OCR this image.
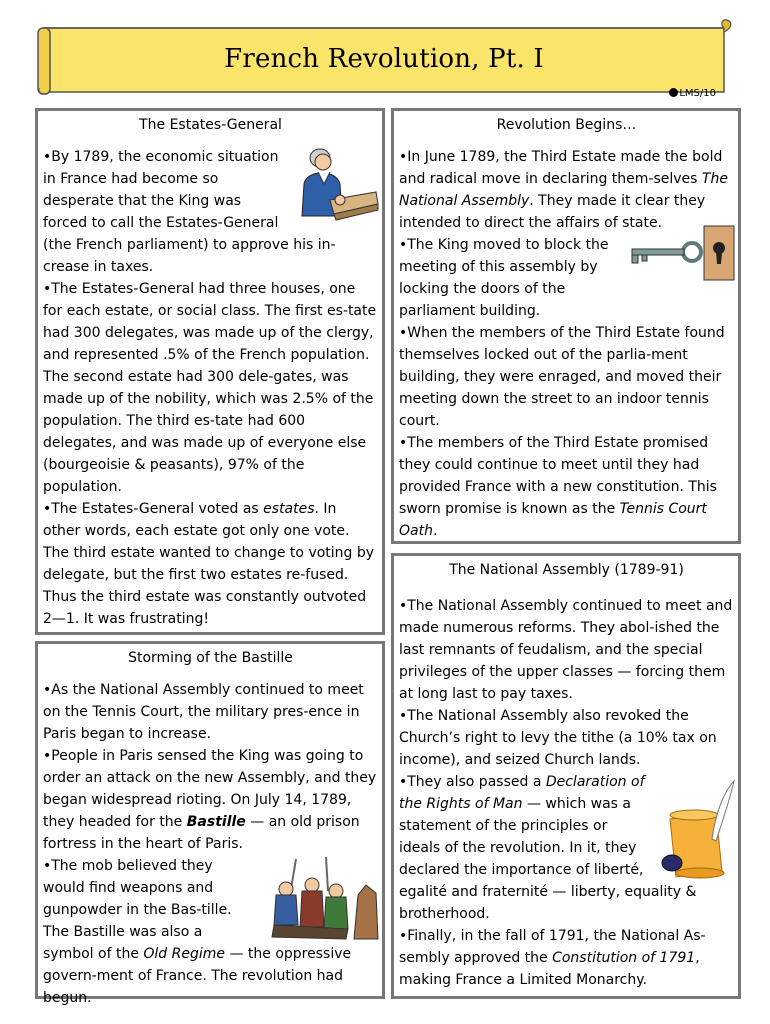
French Revolution, Pt. I
LMS/10
The Estates-General

•By 1789, the economic situation in France had become so desperate that the King was forced to call the Estates-General (the French parliament) to approve his in-crease in taxes.

•The Estates-General had three houses, one for each estate, or social class. The first es-tate had 300 delegates, was made up of the clergy, and represented .5% of the French population. The second estate had 300 dele-gates, was made up of the nobility, which was 2.5% of the population. The third es-tate had 600 delegates, and was made up of everyone else (bourgeoisie & peasants), 97% of the population.

•The Estates-General voted as estates. In other words, each estate got only one vote. The third estate wanted to change to voting by delegate, but the first two estates re-fused. Thus the third estate was constantly outvoted 2—1. It was frustrating!

Storming of the Bastille

•As the National Assembly continued to meet on the Tennis Court, the military pres-ence in Paris began to increase.

•People in Paris sensed the King was going to order an attack on the new Assembly, and they began widespread rioting. On July 14, 1789, they headed for the Bastille — an old prison fortress in the heart of Paris.

•The mob believed they would find weapons and gunpowder in the Bas-tille. The Bastille was also a symbol of the Old Regime — the oppressive govern-ment of France. The revolution had begun.

Revolution Begins…

•In June 1789, the Third Estate made the bold and radical move in declaring them-selves The National Assembly. They made it clear they intended to direct the affairs of state.

•The King moved to block the meeting of this assembly by locking the doors of the parliament building.

•When the members of the Third Estate found themselves locked out of the parlia-ment building, they were enraged, and moved their meeting down the street to an indoor tennis court.

•The members of the Third Estate promised they could continue to meet until they had provided France with a new constitution. This sworn promise is known as the Tennis Court Oath.

The National Assembly (1789-91)

•The National Assembly continued to meet and made numerous reforms. They abol-ished the last remnants of feudalism, and the special privileges of the upper classes — forcing them at long last to pay taxes.

•The National Assembly also revoked the Church’s right to levy the tithe (a 10% tax on income), and seized Church lands.

•They also passed a Declaration of the Rights of Man — which was a statement of the principles or ideals of the revolution. In it, they declared the importance of liberté, egalité and fraternité — liberty, equality & brotherhood.

•Finally, in the fall of 1791, the National As-sembly approved the Constitution of 1791, making France a Limited Monarchy.
